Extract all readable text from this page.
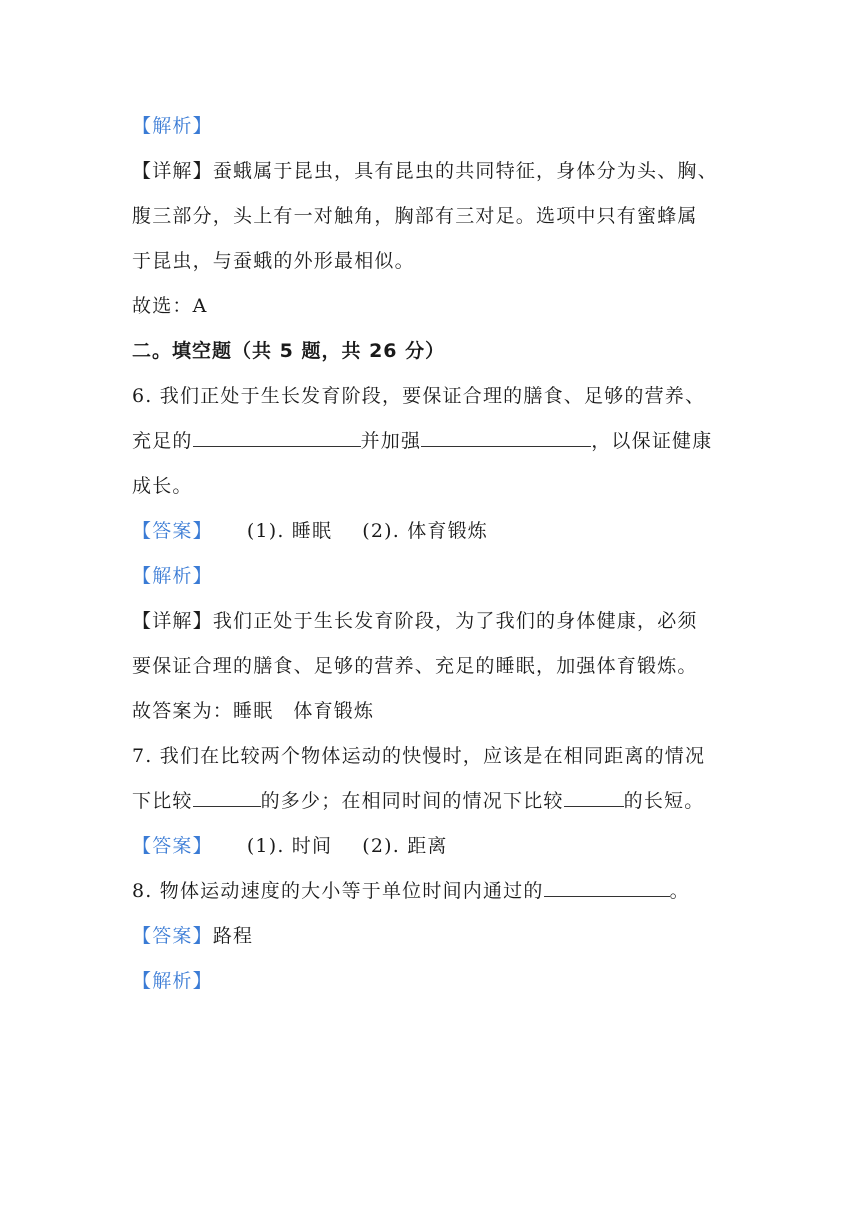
【解析】
【详解】蚕蛾属于昆虫，具有昆虫的共同特征，身体分为头、胸、
腹三部分，头上有一对触角，胸部有三对足。选项中只有蜜蜂属
于昆虫，与蚕蛾的外形最相似。
故选：A
二。填空题（共 5 题，共 26 分）
6. 我们正处于生长发育阶段，要保证合理的膳食、足够的营养、
充足的	并加强	，以保证健康
成长。
【答案】 (1). 睡眠 (2). 体育锻炼
【解析】
【详解】我们正处于生长发育阶段，为了我们的身体健康，必须
要保证合理的膳食、足够的营养、充足的睡眠，加强体育锻炼。
故答案为：睡眠 体育锻炼
7. 我们在比较两个物体运动的快慢时，应该是在相同距离的情况
下比较	的多少；在相同时间的情况下比较	的长短。
【答案】 (1). 时间 (2). 距离
8. 物体运动速度的大小等于单位时间内通过的	。
【答案】路程
【解析】
